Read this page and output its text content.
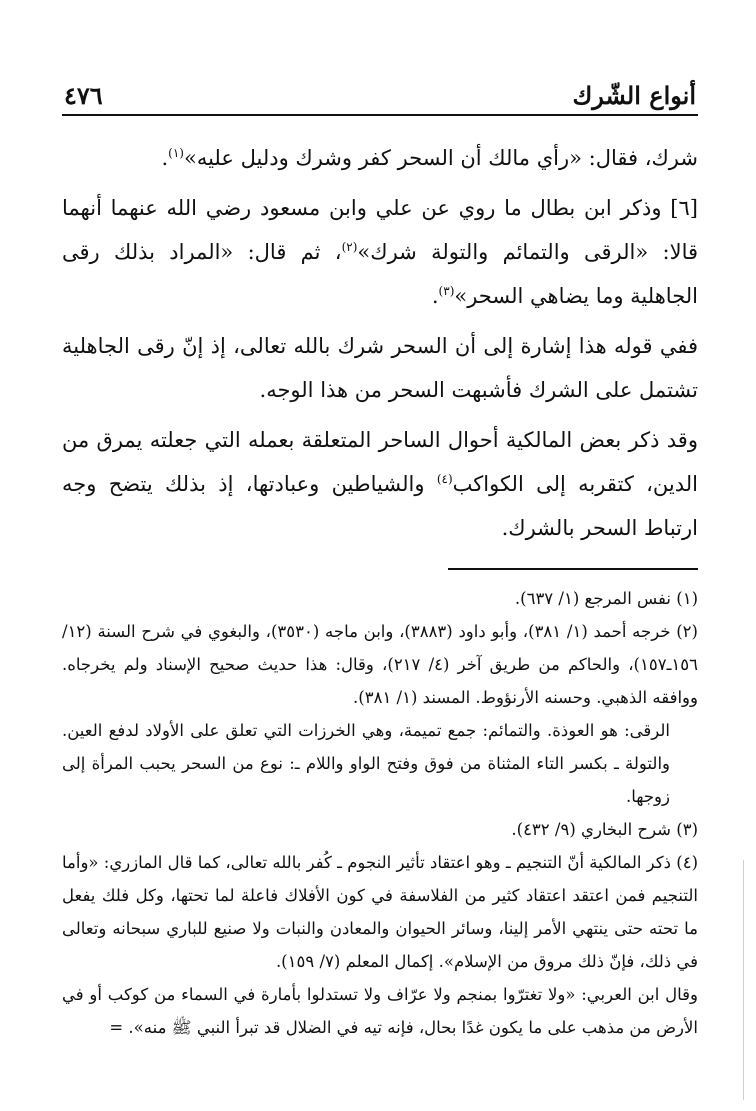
أنواع الشّرك
٤٧٦

شرك، فقال: «رأي مالك أن السحر كفر وشرك ودليل عليه»$^{(١)}$.

[٦] وذكر ابن بطال ما روي عن علي وابن مسعود رضي الله عنهما أنهما قالا: «الرقى والتمائم والتولة شرك»$^{(٢)}$، ثم قال: «المراد بذلك رقى الجاهلية وما يضاهي السحر»$^{(٣)}$.

ففي قوله هذا إشارة إلى أن السحر شرك بالله تعالى، إذ إنّ رقى الجاهلية تشتمل على الشرك فأشبهت السحر من هذا الوجه.

وقد ذكر بعض المالكية أحوال الساحر المتعلقة بعمله التي جعلته يمرق من الدين، كتقربه إلى الكواكب$^{(٤)}$ والشياطين وعبادتها، إذ بذلك يتضح وجه ارتباط السحر بالشرك.

(١) نفس المرجع (١/ ٦٣٧).

(٢) خرجه أحمد (١/ ٣٨١)، وأبو داود (٣٨٨٣)، وابن ماجه (٣٥٣٠)، والبغوي في شرح السنة (١٢/ ١٥٦ـ١٥٧)، والحاكم من طريق آخر (٤/ ٢١٧)، وقال: هذا حديث صحيح الإسناد ولم يخرجاه. ووافقه الذهبي. وحسنه الأرنؤوط. المسند (١/ ٣٨١).

الرقى: هو العوذة. والتمائم: جمع تميمة، وهي الخرزات التي تعلق على الأولاد لدفع العين. والتولة ـ بكسر التاء المثناة من فوق وفتح الواو واللام ـ: نوع من السحر يحبب المرأة إلى زوجها.

(٣) شرح البخاري (٩/ ٤٣٢).

(٤) ذكر المالكية أنّ التنجيم ـ وهو اعتقاد تأثير النجوم ـ كُفر بالله تعالى، كما قال المازري: «وأما التنجيم فمن اعتقد اعتقاد كثير من الفلاسفة في كون الأفلاك فاعلة لما تحتها، وكل فلك يفعل ما تحته حتى ينتهي الأمر إلينا، وسائر الحيوان والمعادن والنبات ولا صنيع للباري سبحانه وتعالى في ذلك، فإنّ ذلك مروق من الإسلام». إكمال المعلم (٧/ ١٥٩).

وقال ابن العربي: «ولا تغترّوا بمنجم ولا عرّاف ولا تستدلوا بأمارة في السماء من كوكب أو في الأرض من مذهب على ما يكون غدًا بحال، فإنه تيه في الضلال قد تبرأ النبي ﷺ منه». =
